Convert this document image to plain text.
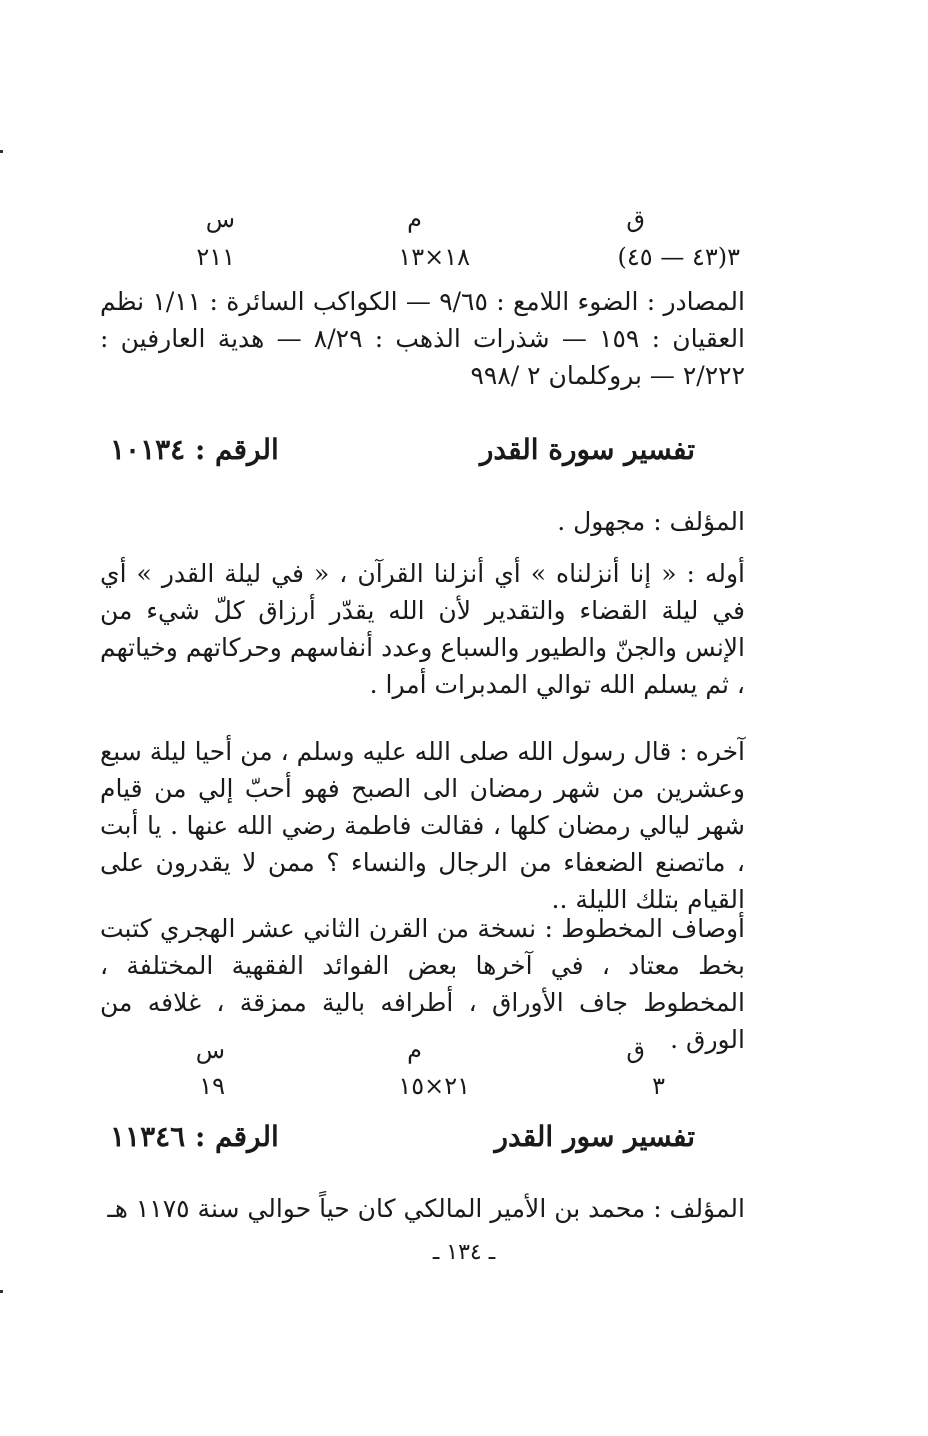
ق
م
س
٣(٤٣ — ٤٥)
١٨×١٣
٢١١

المصادر : الضوء اللامع : ٩/٦٥ — الكواكب السائرة : ١/١١ نظم العقيان : ١٥٩ — شذرات الذهب : ٨/٢٩ — هدية العارفين : ٢/٢٢٢ — بروكلمان ٢ /٩٩٨

تفسير سورة القدر
الرقم : ١٠١٣٤

المؤلف : مجهول .

أوله : « إنا أنزلناه » أي أنزلنا القرآن ، « في ليلة القدر » أي في ليلة القضاء والتقدير لأن الله يقدّر أرزاق كلّ شيء من الإنس والجنّ والطيور والسباع وعدد أنفاسهم وحركاتهم وخياتهم ، ثم يسلم الله توالي المدبرات أمرا .

آخره : قال رسول الله صلى الله عليه وسلم ، من أحيا ليلة سبع وعشرين من شهر رمضان الى الصبح فهو أحبّ إلي من قيام شهر ليالي رمضان كلها ، فقالت فاطمة رضي الله عنها . يا أبت ، ماتصنع الضعفاء من الرجال والنساء ؟ ممن لا يقدرون على القيام بتلك الليلة ..

أوصاف المخطوط : نسخة من القرن الثاني عشر الهجري كتبت بخط معتاد ، في آخرها بعض الفوائد الفقهية المختلفة ، المخطوط جاف الأوراق ، أطرافه بالية ممزقة ، غلافه من الورق .

ق
م
س
٣
٢١×١٥
١٩
تفسير سور القدر
الرقم : ١١٣٤٦

المؤلف : محمد بن الأمير المالكي كان حياً حوالي سنة ١١٧٥ هـ

ـ ١٣٤ ـ
